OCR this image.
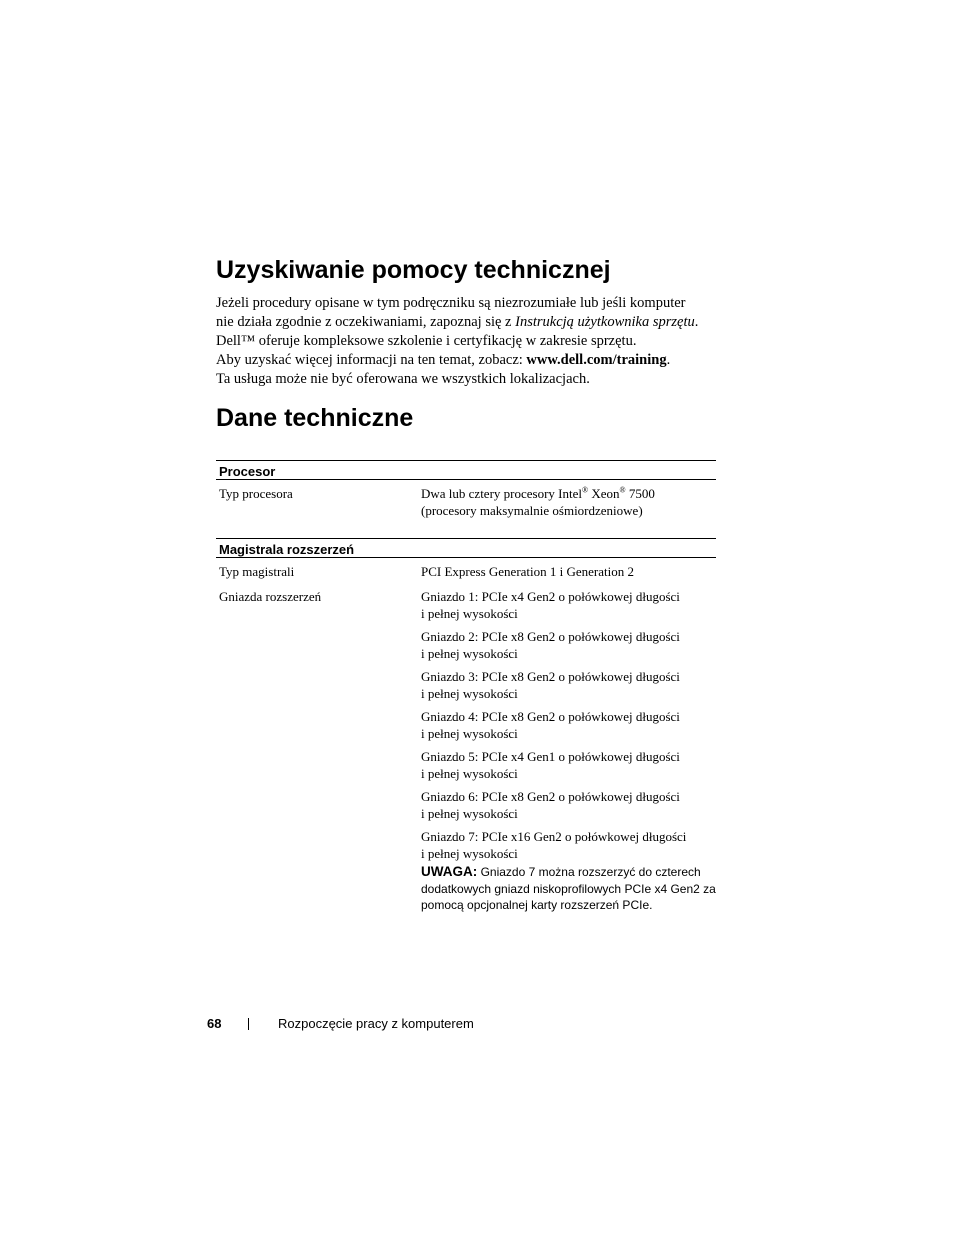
Uzyskiwanie pomocy technicznej
Jeżeli procedury opisane w tym podręczniku są niezrozumiałe lub jeśli komputer
nie działa zgodnie z oczekiwaniami, zapoznaj się z Instrukcją użytkownika sprzętu.
Dell™ oferuje kompleksowe szkolenie i certyfikację w zakresie sprzętu.
Aby uzyskać więcej informacji na ten temat, zobacz: www.dell.com/training.
Ta usługa może nie być oferowana we wszystkich lokalizacjach.
Dane techniczne
Procesor
Typ procesora	Dwa lub cztery procesory Intel® Xeon® 7500
(procesory maksymalnie ośmiordzeniowe)
Magistrala rozszerzeń
Typ magistrali	PCI Express Generation 1 i Generation 2
Gniazda rozszerzeń	Gniazdo 1: PCIe x4 Gen2 o połówkowej długości
i pełnej wysokości
Gniazdo 2: PCIe x8 Gen2 o połówkowej długości
i pełnej wysokości
Gniazdo 3: PCIe x8 Gen2 o połówkowej długości
i pełnej wysokości
Gniazdo 4: PCIe x8 Gen2 o połówkowej długości
i pełnej wysokości
Gniazdo 5: PCIe x4 Gen1 o połówkowej długości
i pełnej wysokości
Gniazdo 6: PCIe x8 Gen2 o połówkowej długości
i pełnej wysokości
Gniazdo 7: PCIe x16 Gen2 o połówkowej długości
i pełnej wysokości
UWAGA: Gniazdo 7 można rozszerzyć do czterech dodatkowych gniazd niskoprofilowych PCIe x4 Gen2 za pomocą opcjonalnej karty rozszerzeń PCIe.
68	Rozpoczęcie pracy z komputerem
